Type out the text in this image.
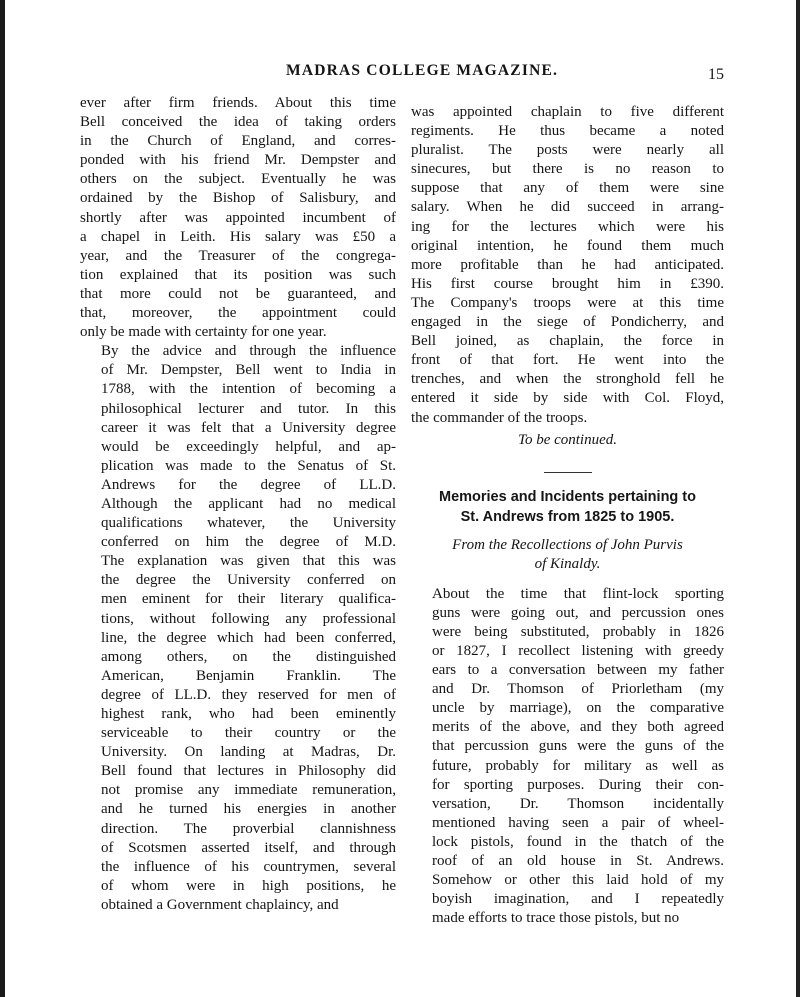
MADRAS COLLEGE MAGAZINE.	15

ever after firm friends. About this time
Bell conceived the idea of taking orders
in the Church of England, and corres-
ponded with his friend Mr. Dempster and
others on the subject. Eventually he was
ordained by the Bishop of Salisbury, and
shortly after was appointed incumbent of
a chapel in Leith. His salary was £50 a
year, and the Treasurer of the congrega-
tion explained that its position was such
that more could not be guaranteed, and
that, moreover, the appointment could
only be made with certainty for one year.

By the advice and through the influence
of Mr. Dempster, Bell went to India in
1788, with the intention of becoming a
philosophical lecturer and tutor. In this
career it was felt that a University degree
would be exceedingly helpful, and ap-
plication was made to the Senatus of St.
Andrews for the degree of LL.D.
Although the applicant had no medical
qualifications whatever, the University
conferred on him the degree of M.D.
The explanation was given that this was
the degree the University conferred on
men eminent for their literary qualifica-
tions, without following any professional
line, the degree which had been conferred,
among others, on the distinguished
American, Benjamin Franklin. The
degree of LL.D. they reserved for men of
highest rank, who had been eminently
serviceable to their country or the
University. On landing at Madras, Dr.
Bell found that lectures in Philosophy did
not promise any immediate remuneration,
and he turned his energies in another
direction. The proverbial clannishness
of Scotsmen asserted itself, and through
the influence of his countrymen, several
of whom were in high positions, he
obtained a Government chaplaincy, and

was appointed chaplain to five different
regiments. He thus became a noted
pluralist. The posts were nearly all
sinecures, but there is no reason to
suppose that any of them were sine
salary. When he did succeed in arrang-
ing for the lectures which were his
original intention, he found them much
more profitable than he had anticipated.
His first course brought him in £390.
The Company's troops were at this time
engaged in the siege of Pondicherry, and
Bell joined, as chaplain, the force in
front of that fort. He went into the
trenches, and when the stronghold fell he
entered it side by side with Col. Floyd,
the commander of the troops.

To be continued.
Memories and Incidents pertaining to
St. Andrews from 1825 to 1905.
From the Recollections of John Purvis
of Kinaldy.

About the time that flint-lock sporting
guns were going out, and percussion ones
were being substituted, probably in 1826
or 1827, I recollect listening with greedy
ears to a conversation between my father
and Dr. Thomson of Priorletham (my
uncle by marriage), on the comparative
merits of the above, and they both agreed
that percussion guns were the guns of the
future, probably for military as well as
for sporting purposes. During their con-
versation, Dr. Thomson incidentally
mentioned having seen a pair of wheel-
lock pistols, found in the thatch of the
roof of an old house in St. Andrews.
Somehow or other this laid hold of my
boyish imagination, and I repeatedly
made efforts to trace those pistols, but no
